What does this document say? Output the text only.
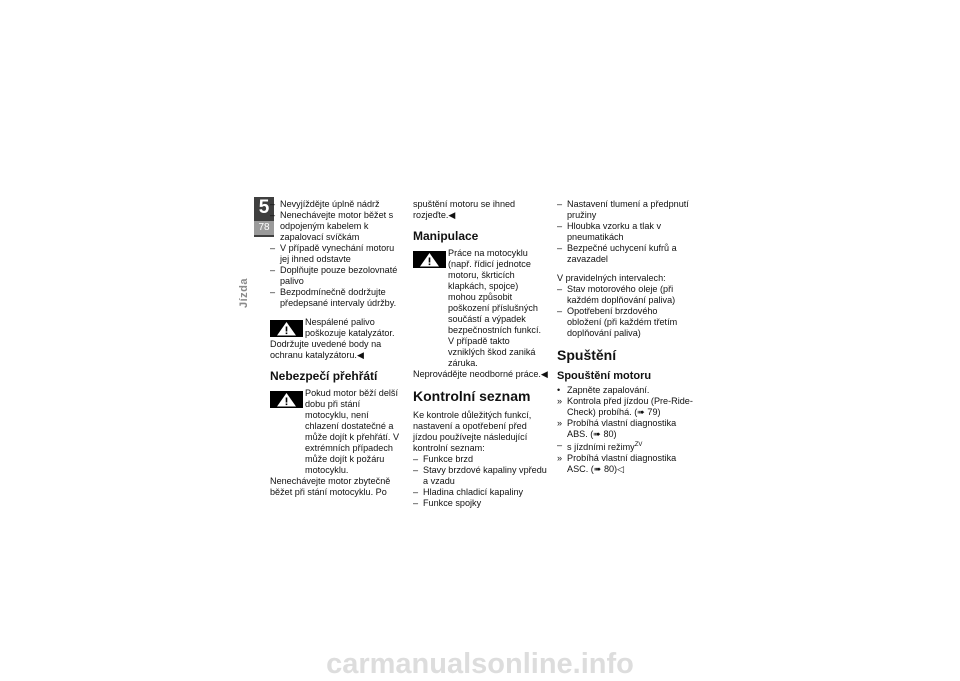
5
78
Jízda
– Nevyjíždějte úplně nádrž
– Nenechávejte motor běžet s odpojeným kabelem k zapalovací svíčkám
– V případě vynechání motoru jej ihned odstavte
– Doplňujte pouze bezolovnaté palivo
– Bezpodmínečně dodržujte předepsané intervaly údržby.
Nespálené palivo poškozuje katalyzátor.
Dodržujte uvedené body na ochranu katalyzátoru.◀
Nebezpečí přehřátí
Pokud motor běží delší dobu při stání motocyklu, není chlazení dostatečné a může dojít k přehřátí. V extrémních případech může dojít k požáru motocyklu.
Nenechávejte motor zbytečně běžet při stání motocyklu. Po
spuštění motoru se ihned rozjeďte.◀
Manipulace
Práce na motocyklu (např. řídicí jednotce motoru, škrticích klapkách, spojce) mohou způsobit poškození příslušných součástí a výpadek bezpečnostních funkcí. V případě takto vzniklých škod zaniká záruka.
Neprovádějte neodborné práce.◀
Kontrolní seznam
Ke kontrole důležitých funkcí, nastavení a opotřebení před jízdou používejte následující kontrolní seznam:
– Funkce brzd
– Stavy brzdové kapaliny vpředu a vzadu
– Hladina chladicí kapaliny
– Funkce spojky
– Nastavení tlumení a předpnutí pružiny
– Hloubka vzorku a tlak v pneumatikách
– Bezpečné uchycení kufrů a zavazadel
V pravidelných intervalech:
– Stav motorového oleje (při každém doplňování paliva)
– Opotřebení brzdového obložení (při každém třetím doplňování paliva)
Spuštění
Spouštění motoru
• Zapněte zapalování.
» Kontrola před jízdou (Pre-Ride-Check) probíhá. (➠ 79)
» Probíhá vlastní diagnostika ABS. (➠ 80)
– s jízdními režimy$^{ZV}$
» Probíhá vlastní diagnostika ASC. (➠ 80)◁
carmanualsonline.info
